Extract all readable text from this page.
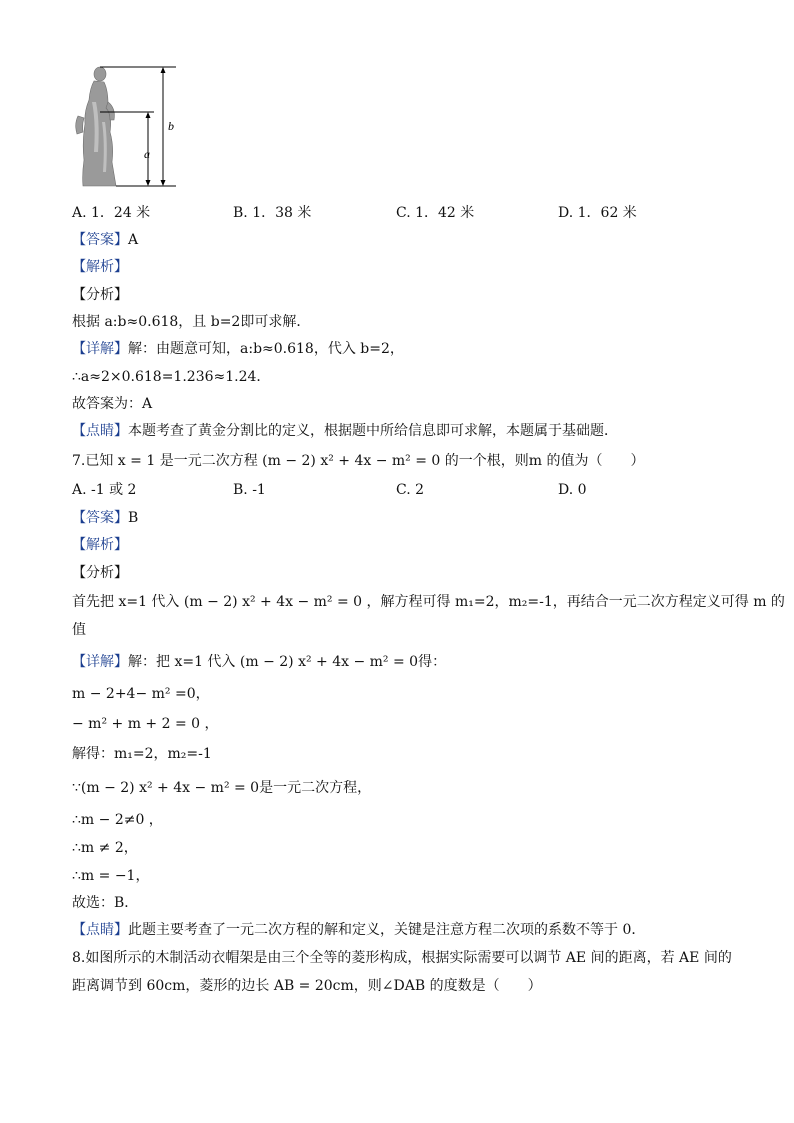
a
b
A. 1．24 米	B. 1．38 米	C. 1．42 米	D. 1．62 米
【答案】A
【解析】
【分析】
根据 a:b≈0.618，且 b=2即可求解．
【详解】解：由题意可知，a:b≈0.618，代入 b=2，
∴a≈2×0.618=1.236≈1.24．
故答案为：A
【点睛】本题考查了黄金分割比的定义，根据题中所给信息即可求解，本题属于基础题．
7.已知 x = 1 是一元二次方程 (m − 2) x² + 4x − m² = 0 的一个根，则m 的值为（　　）
A. -1 或 2	B. -1	C. 2	D. 0
【答案】B
【解析】
【分析】
首先把 x=1 代入 (m − 2) x² + 4x − m² = 0 ，解方程可得 m₁=2，m₂=-1，再结合一元二次方程定义可得 m 的
值
【详解】解：把 x=1 代入 (m − 2) x² + 4x − m² = 0得：
m − 2+4− m² =0，
− m² + m + 2 = 0 ，
解得：m₁=2，m₂=-1
∵(m − 2) x² + 4x − m² = 0是一元二次方程，
∴m − 2≠0 ，
∴m ≠ 2，
∴m = −1，
故选：B．
【点睛】此题主要考查了一元二次方程的解和定义，关键是注意方程二次项的系数不等于 0．
8.如图所示的木制活动衣帽架是由三个全等的菱形构成，根据实际需要可以调节 AE 间的距离，若 AE 间的
距离调节到 60cm，菱形的边长 AB = 20cm，则∠DAB 的度数是（　　）
